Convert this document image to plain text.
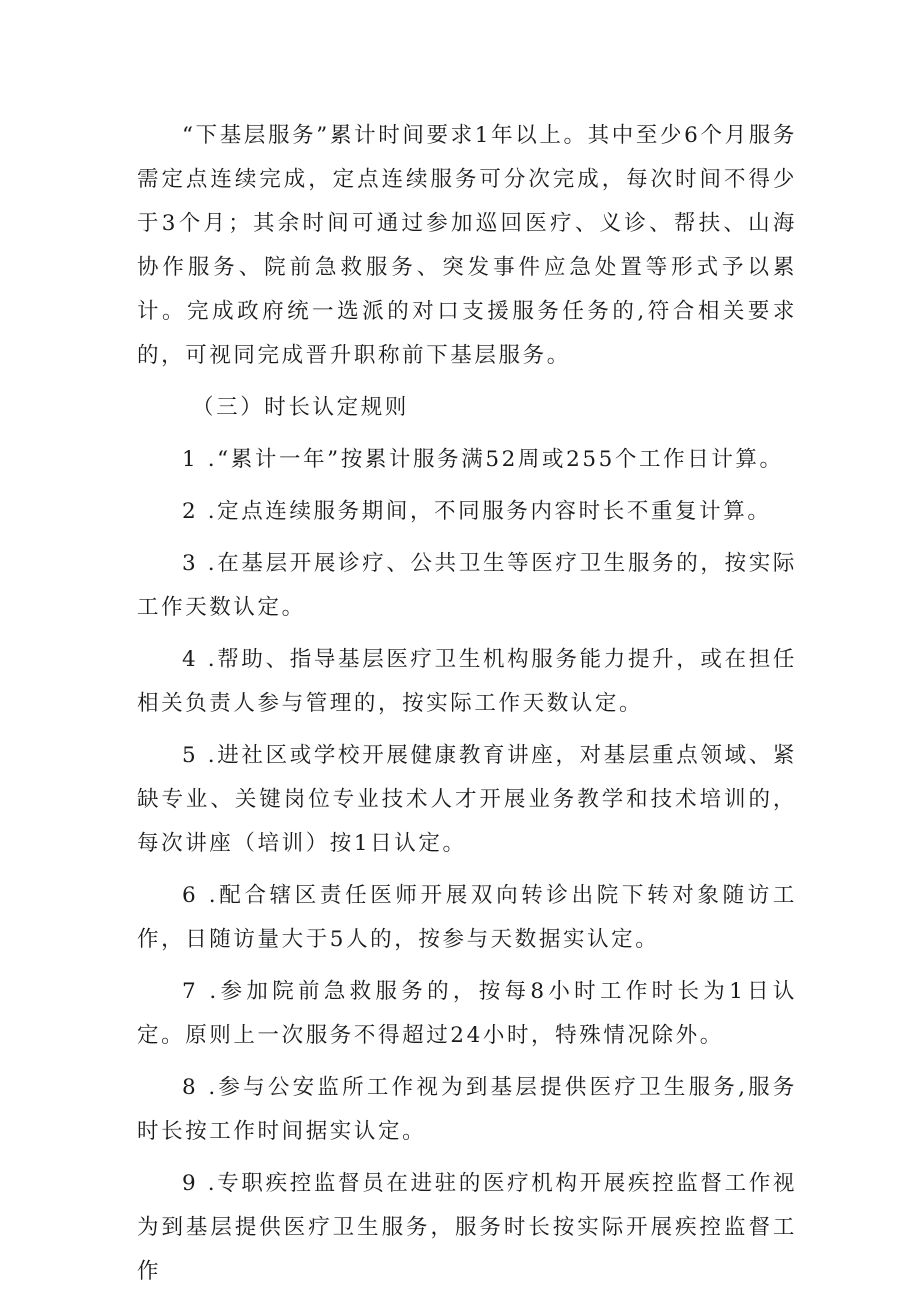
“下基层服务”累计时间要求1年以上。其中至少6个月服务需定点连续完成，定点连续服务可分次完成，每次时间不得少于3个月；其余时间可通过参加巡回医疗、义诊、帮扶、山海协作服务、院前急救服务、突发事件应急处置等形式予以累计。完成政府统一选派的对口支援服务任务的,符合相关要求的，可视同完成晋升职称前下基层服务。

（三）时长认定规则

1 .“累计一年”按累计服务满52周或255个工作日计算。

2 .定点连续服务期间，不同服务内容时长不重复计算。

3 .在基层开展诊疗、公共卫生等医疗卫生服务的，按实际工作天数认定。

4 .帮助、指导基层医疗卫生机构服务能力提升，或在担任相关负责人参与管理的，按实际工作天数认定。

5 .进社区或学校开展健康教育讲座，对基层重点领域、紧缺专业、关键岗位专业技术人才开展业务教学和技术培训的，每次讲座（培训）按1日认定。

6 .配合辖区责任医师开展双向转诊出院下转对象随访工作，日随访量大于5人的，按参与天数据实认定。

7 .参加院前急救服务的，按每8小时工作时长为1日认定。原则上一次服务不得超过24小时，特殊情况除外。

8 .参与公安监所工作视为到基层提供医疗卫生服务,服务时长按工作时间据实认定。

9 .专职疾控监督员在进驻的医疗机构开展疾控监督工作视为到基层提供医疗卫生服务，服务时长按实际开展疾控监督工作
